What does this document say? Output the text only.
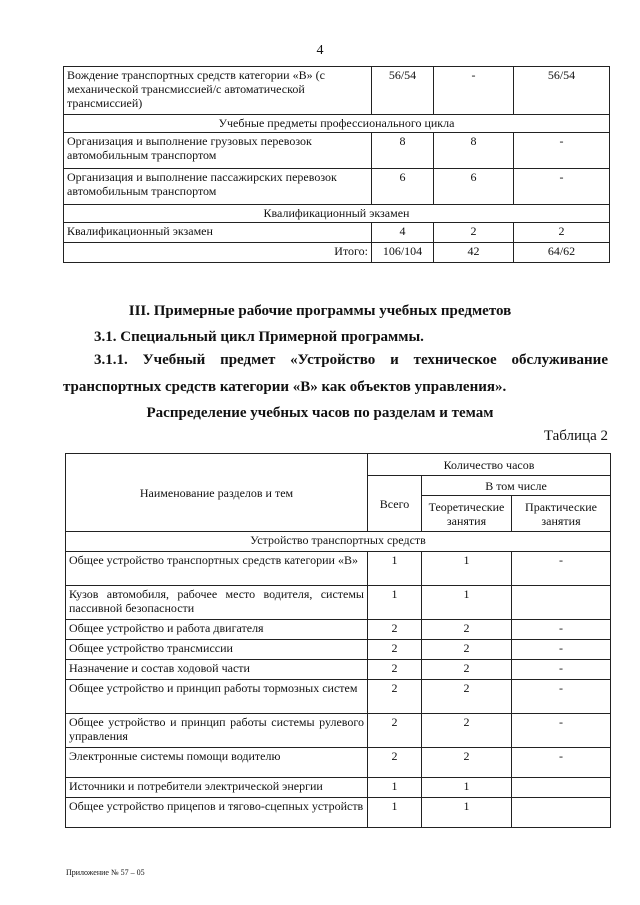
4
Вождение транспортных средств категории «В» (с механической трансмиссией/с автоматической трансмиссией)	56/54	-	56/54
Учебные предметы профессионального цикла			
Организация и выполнение грузовых перевозок автомобильным транспортом	8	8	-
Организация и выполнение пассажирских перевозок автомобильным транспортом	6	6	-
Квалификационный экзамен			
Квалификационный экзамен	4	2	2
Итого:	106/104	42	64/62
III. Примерные рабочие программы учебных предметов
3.1. Специальный цикл Примерной программы.
3.1.1. Учебный предмет «Устройство и техническое обслуживание
транспортных средств категории «В» как объектов управления».
Распределение учебных часов по разделам и темам
Таблица 2
Наименование разделов и тем	Количество часов		
	Всего	В том числе	
		Теоретические занятия	Практические занятия
Устройство транспортных средств			
Общее устройство транспортных средств категории «В»	1	1	-
Кузов автомобиля, рабочее место водителя, системы пассивной безопасности	1	1	
Общее устройство и работа двигателя	2	2	-
Общее устройство трансмиссии	2	2	-
Назначение и состав ходовой части	2	2	-
Общее устройство и принцип работы тормозных систем	2	2	-
Общее устройство и принцип работы системы рулевого управления	2	2	-
Электронные системы помощи водителю	2	2	-
Источники и потребители электрической энергии	1	1	
Общее устройство прицепов и тягово-сцепных устройств	1	1	
Приложение № 57 – 05
